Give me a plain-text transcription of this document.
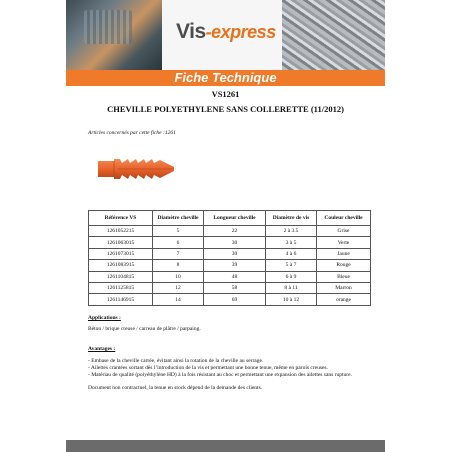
Vis-express
Fiche Technique
VS1261
CHEVILLE POLYETHYLENE SANS COLLERETTE (11/2012)
Articles concernés par cette fiche :1261
Référence VS	Diamètre cheville	Longueur cheville	Diamètre de vis	Couleur cheville
1261052215	5	22	2 à 3.5	Grise
1261063015	6	30	3 à 5	Verte
1261073015	7	30	4 à 6	Jaune
1261083915	8	39	5 à 7	Rouge
1261104815	10	48	6 à 9	Bleue
1261125815	12	58	8 à 11	Marron
1261146915	14	69	10 à 12	orange
Applications :
Béton / brique creuse / carreau de plâtre / parpaing.
Avantages :
- Embase de la cheville carrée, évitant ainsi la rotation de la cheville au serrage.
- Ailettes crantées sortant dès l’introduction de la vis et permettant une bonne tenue, même en parois creuses.
- Matériau de qualité (polyéthylène HD) à la fois résistant au choc et permettant une expansion des ailettes sans rupture.
Document non contractuel, la tenue en stock dépend de la demande des clients.
